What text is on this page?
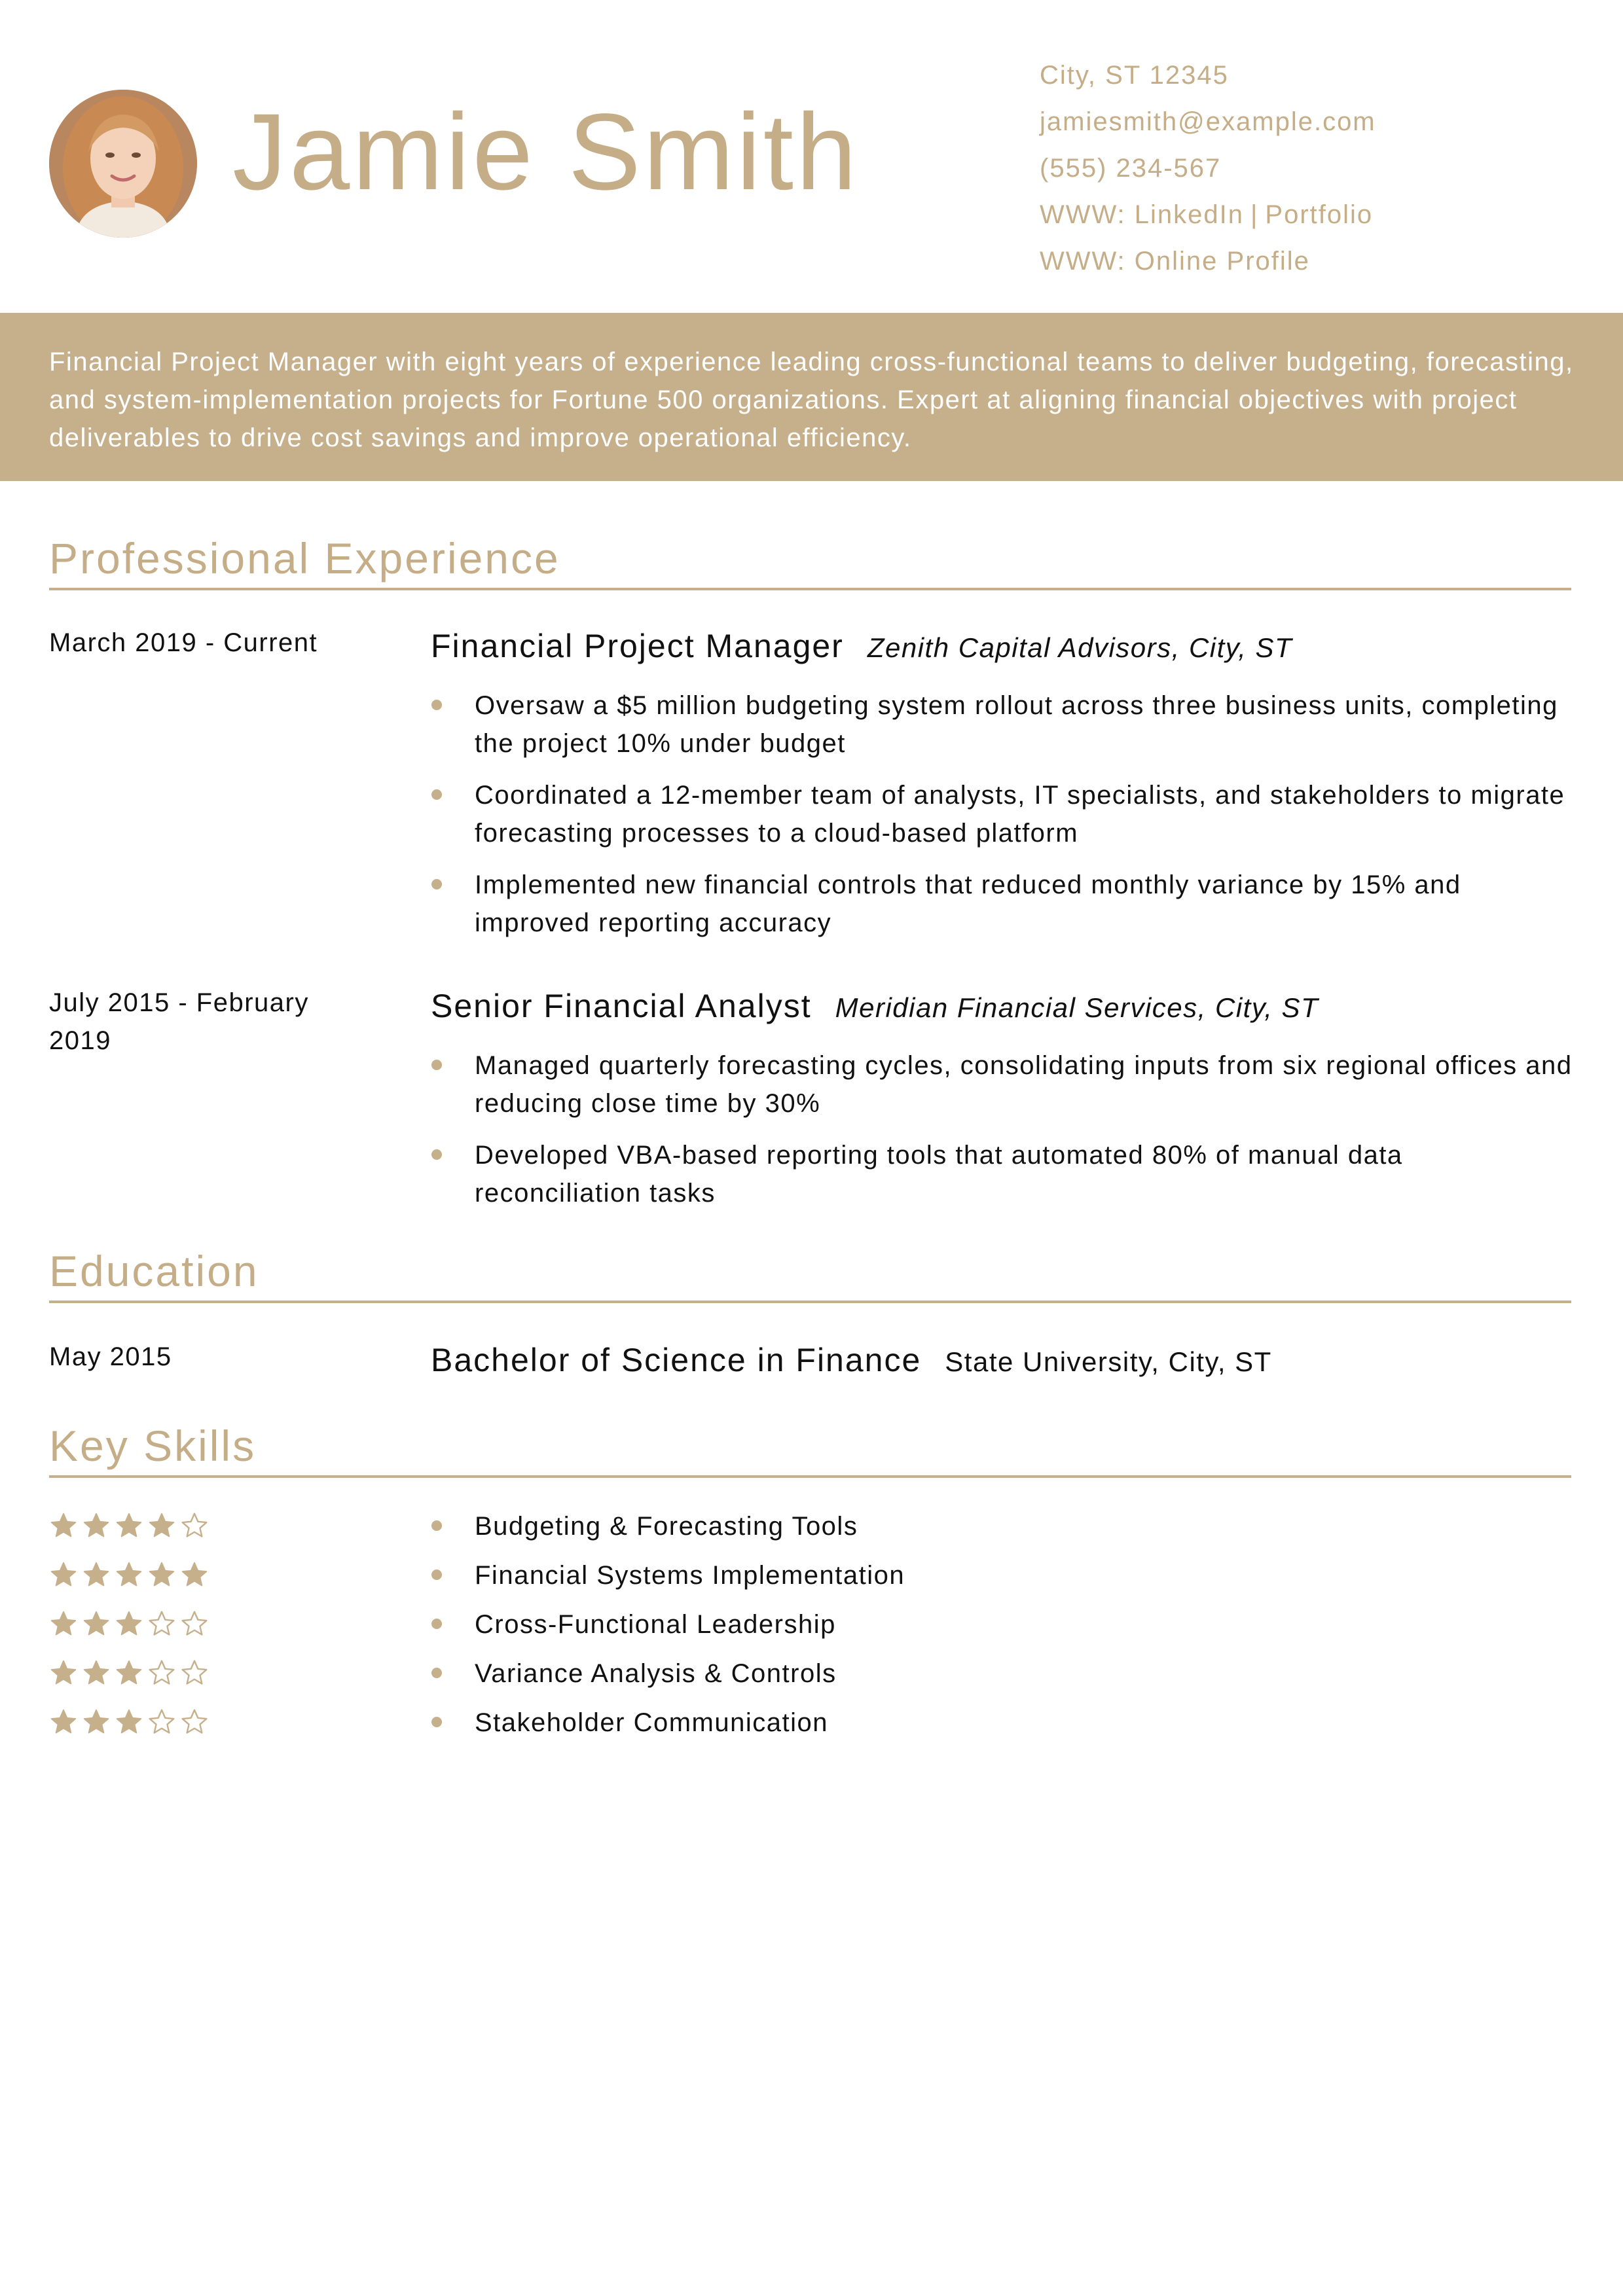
Jamie Smith
City, ST 12345
jamiesmith@example.com
(555) 234-567
WWW: LinkedIn | Portfolio
WWW: Online Profile

Financial Project Manager with eight years of experience leading cross-functional teams to deliver budgeting, forecasting, and system-implementation projects for Fortune 500 organizations. Expert at aligning financial objectives with project deliverables to drive cost savings and improve operational efficiency.

Professional Experience
March 2019 - Current	Financial Project Manager Zenith Capital Advisors, City, ST
Oversaw a $5 million budgeting system rollout across three business units, completing the project 10% under budget
Coordinated a 12-member team of analysts, IT specialists, and stakeholders to migrate forecasting processes to a cloud-based platform
Implemented new financial controls that reduced monthly variance by 15% and improved reporting accuracy
July 2015 - February 2019
Senior Financial Analyst Meridian Financial Services, City, ST
Managed quarterly forecasting cycles, consolidating inputs from six regional offices and reducing close time by 30%
Developed VBA-based reporting tools that automated 80% of manual data reconciliation tasks
Education
May 2015	Bachelor of Science in Finance State University, City, ST
Key Skills
Budgeting & Forecasting Tools
Financial Systems Implementation
Cross-Functional Leadership
Variance Analysis & Controls
Stakeholder Communication
